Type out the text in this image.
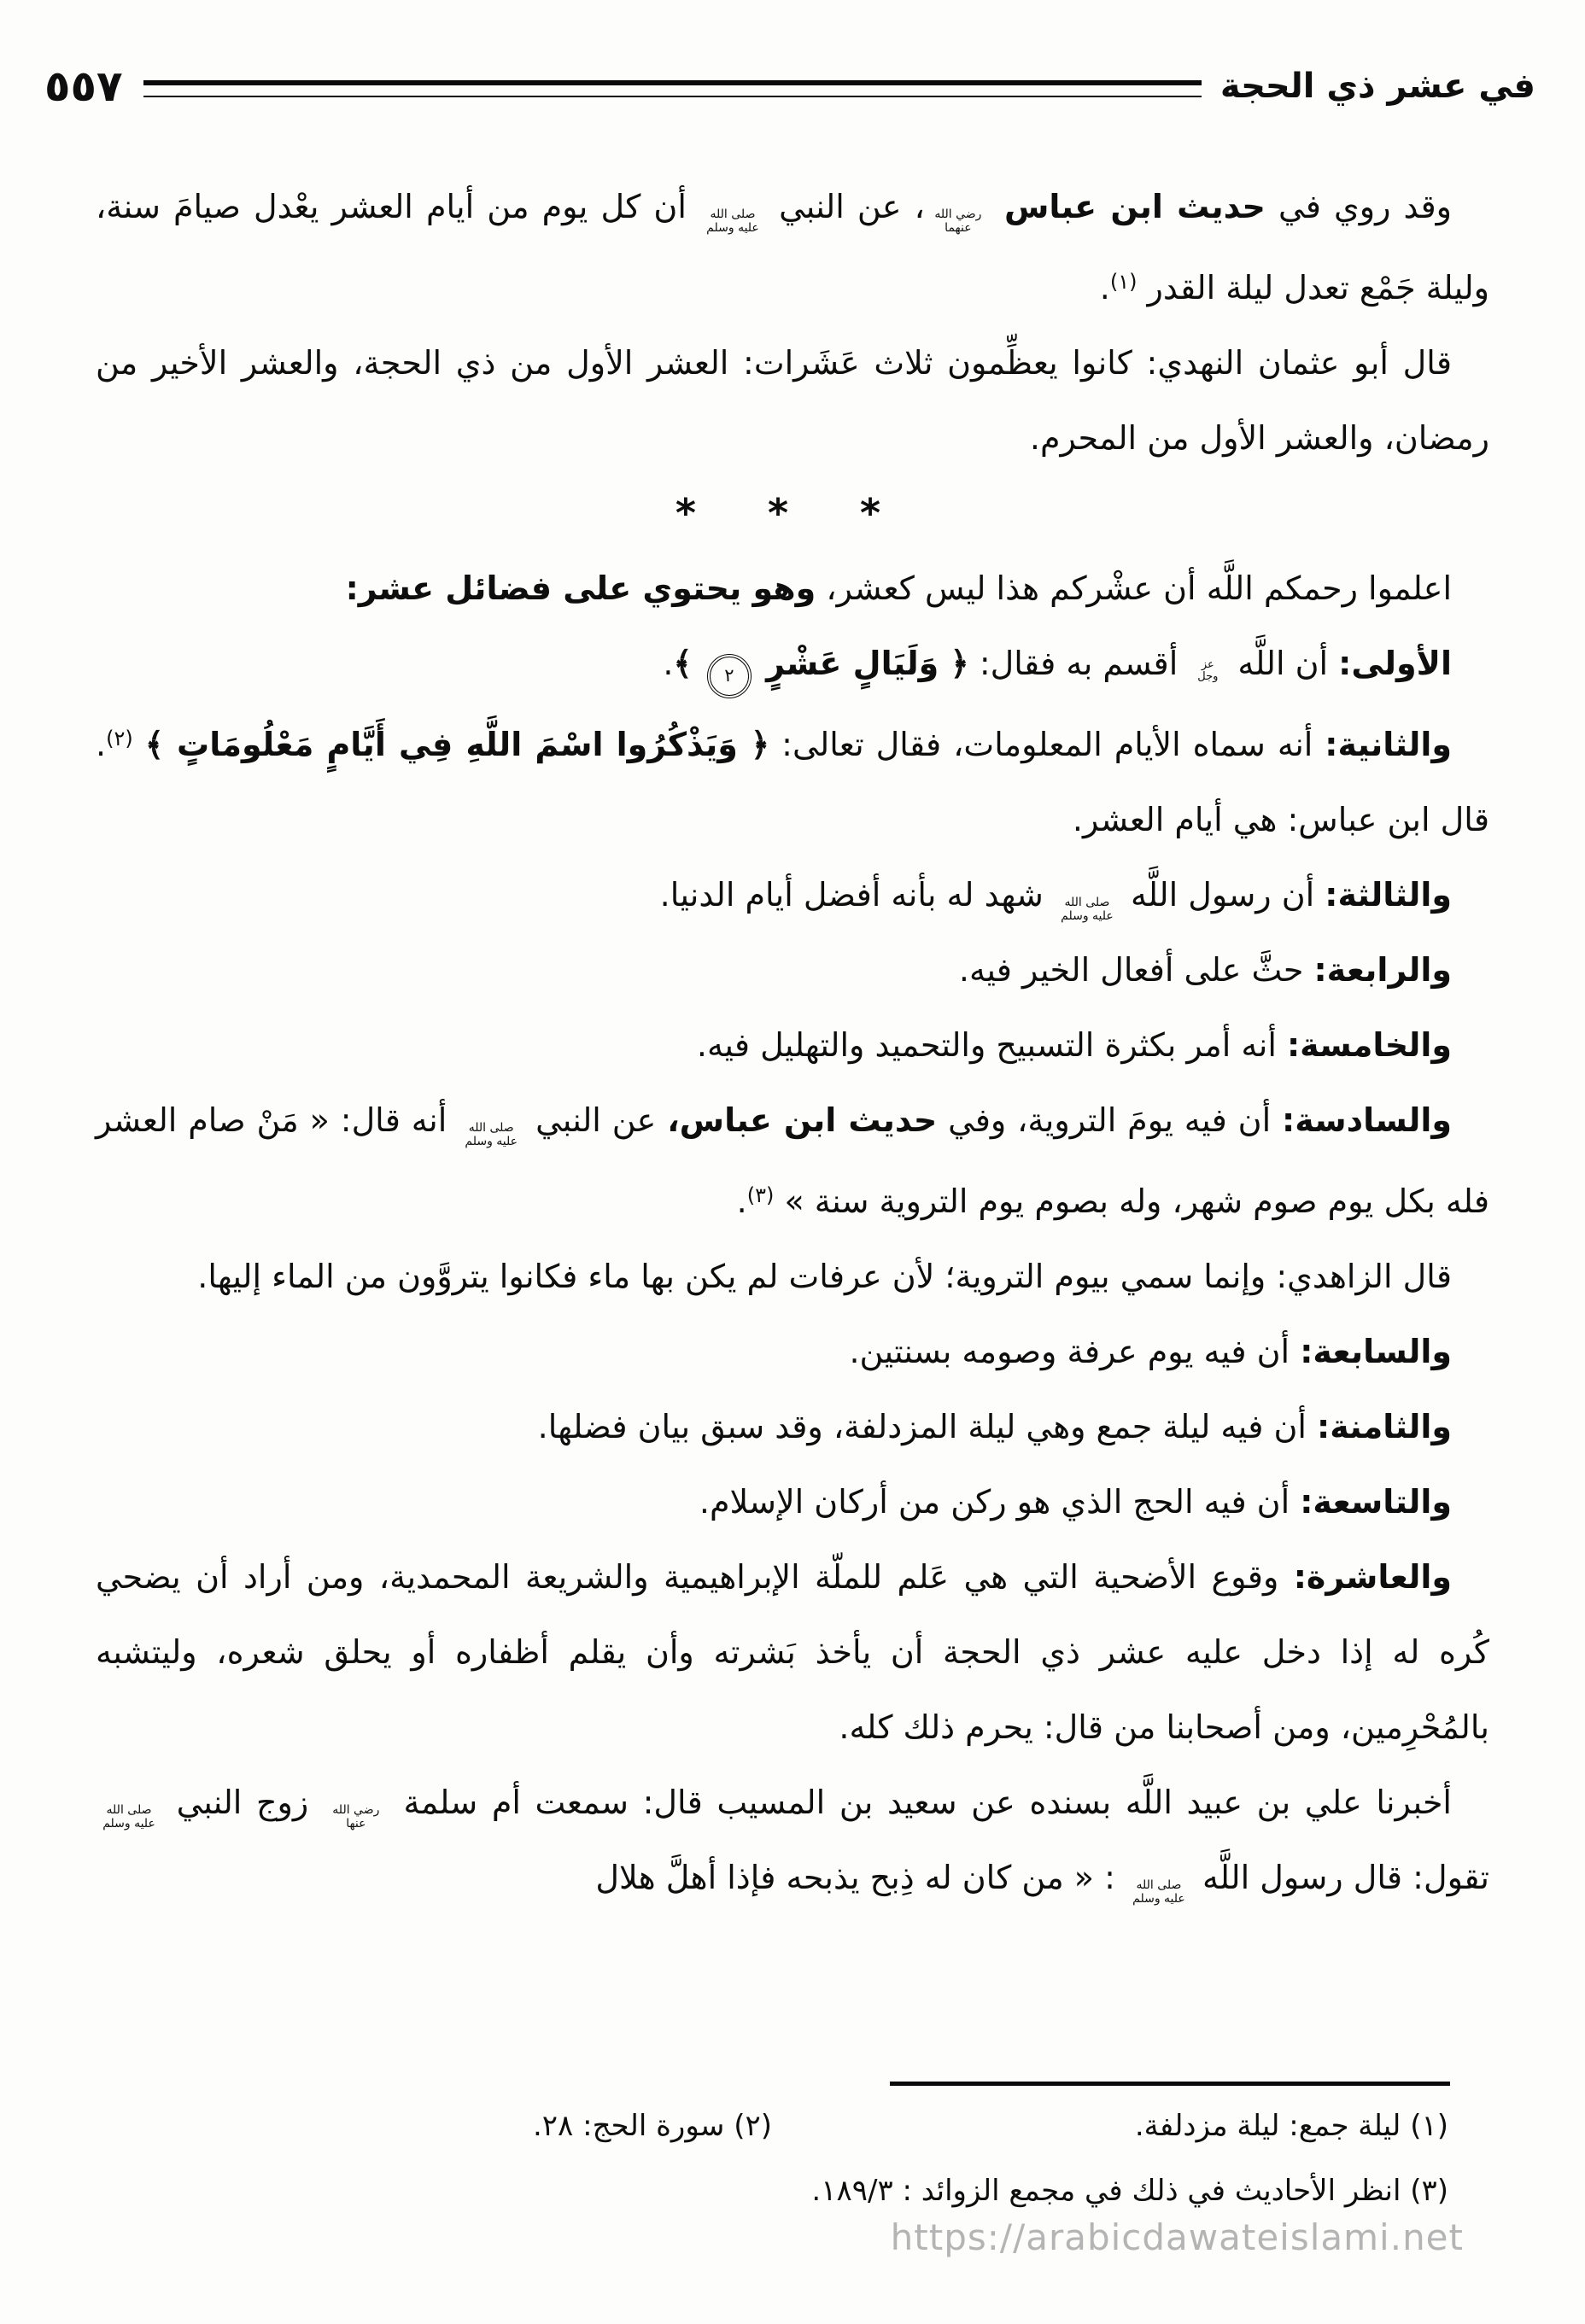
٥٥٧	في عشر ذي الحجة

وقد روي في حديث ابن عباس رضي الله
عنهما، عن النبي صلى الله
عليه وسلم أن كل يوم من أيام العشر يعْدل صيامَ سنة، وليلة جَمْع تعدل ليلة القدر $^{(١)}$.

قال أبو عثمان النهدي: كانوا يعظِّمون ثلاث عَشَرات: العشر الأول من ذي الحجة، والعشر الأخير من رمضان، والعشر الأول من المحرم.

* * *

اعلموا رحمكم اللَّه أن عشْركم هذا ليس كعشر، وهو يحتوي على فضائل عشر:

الأولى: أن اللَّه عز
وجل أقسم به فقال: ﴿ وَلَيَالٍ عَشْرٍ ٢ ﴾.

والثانية: أنه سماه الأيام المعلومات، فقال تعالى: ﴿ وَيَذْكُرُوا اسْمَ اللَّهِ فِي أَيَّامٍ مَعْلُومَاتٍ ﴾ $^{(٢)}$. قال ابن عباس: هي أيام العشر.

والثالثة: أن رسول اللَّه صلى الله
عليه وسلم شهد له بأنه أفضل أيام الدنيا.

والرابعة: حثَّ على أفعال الخير فيه.

والخامسة: أنه أمر بكثرة التسبيح والتحميد والتهليل فيه.

والسادسة: أن فيه يومَ التروية، وفي حديث ابن عباس، عن النبي صلى الله
عليه وسلم أنه قال: « مَنْ صام العشر فله بكل يوم صوم شهر، وله بصوم يوم التروية سنة » $^{(٣)}$.

قال الزاهدي: وإنما سمي بيوم التروية؛ لأن عرفات لم يكن بها ماء فكانوا يتروَّون من الماء إليها.

والسابعة: أن فيه يوم عرفة وصومه بسنتين.

والثامنة: أن فيه ليلة جمع وهي ليلة المزدلفة، وقد سبق بيان فضلها.

والتاسعة: أن فيه الحج الذي هو ركن من أركان الإسلام.

والعاشرة: وقوع الأضحية التي هي عَلم للملّة الإبراهيمية والشريعة المحمدية، ومن أراد أن يضحي كُره له إذا دخل عليه عشر ذي الحجة أن يأخذ بَشرته وأن يقلم أظفاره أو يحلق شعره، وليتشبه بالمُحْرِمين، ومن أصحابنا من قال: يحرم ذلك كله.

أخبرنا علي بن عبيد اللَّه بسنده عن سعيد بن المسيب قال: سمعت أم سلمة رضي الله
عنها زوج النبي صلى الله
عليه وسلم تقول: قال رسول اللَّه صلى الله
عليه وسلم : « من كان له ذِبح يذبحه فإذا أهلَّ هلال

(١) ليلة جمع: ليلة مزدلفة.
(٢) سورة الحج: ٢٨.
(٣) انظر الأحاديث في ذلك في مجمع الزوائد : ١٨٩/٣.
https://arabicdawateislami.net
